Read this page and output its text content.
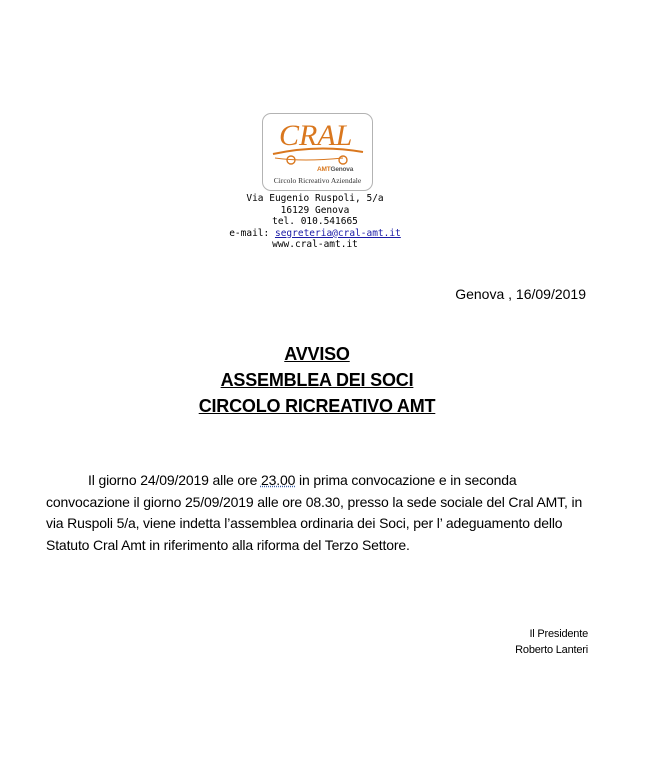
CRAL
AMTGenova
Circolo Ricreativo Aziendale
Via Eugenio Ruspoli, 5/a
16129 Genova
tel. 010.541665
e-mail: segreteria@cral-amt.it
www.cral-amt.it
Genova , 16/09/2019
AVVISO
ASSEMBLEA DEI SOCI
CIRCOLO RICREATIVO AMT
Il giorno 24/09/2019 alle ore 23.00 in prima convocazione e in seconda convocazione il giorno 25/09/2019 alle ore 08.30, presso la sede sociale del Cral AMT, in via Ruspoli 5/a, viene indetta l’assemblea ordinaria dei Soci, per l’ adeguamento dello Statuto Cral Amt in riferimento alla riforma del Terzo Settore.
Il Presidente
Roberto Lanteri
